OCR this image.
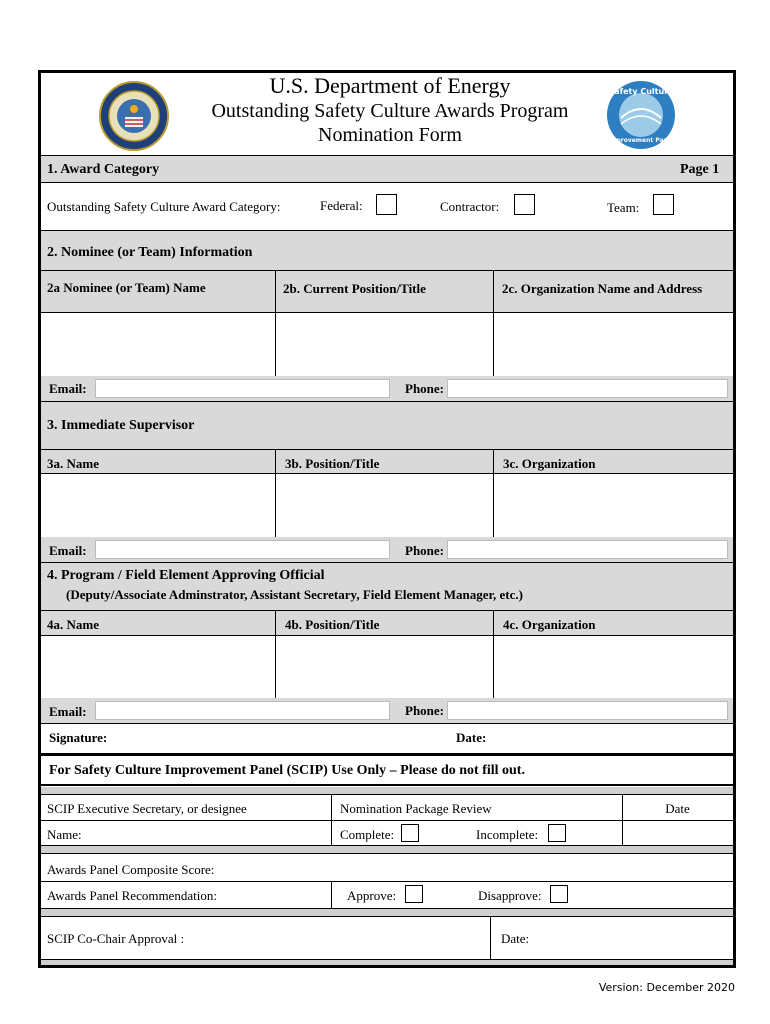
Safety Culture
Improvement Panel
U.S. Department of Energy
Outstanding Safety Culture Awards Program
Nomination Form
1. Award Category	Page 1
Outstanding Safety Culture Award Category:	Federal:	Contractor:	Team:
2. Nominee (or Team) Information
2a Nominee (or Team) Name	2b. Current Position/Title	2c. Organization Name and Address
Email:	Phone:
3. Immediate Supervisor
3a. Name	3b. Position/Title	3c. Organization
Email:	Phone:
4. Program / Field Element Approving Official
(Deputy/Associate Adminstrator, Assistant Secretary, Field Element Manager, etc.)
4a. Name	4b. Position/Title	4c. Organization
Email:	Phone:
Signature:	Date:
For Safety Culture Improvement Panel (SCIP) Use Only – Please do not fill out.
SCIP Executive Secretary, or designee	Nomination Package Review	Date
Name:	Complete:	Incomplete:
Awards Panel Composite Score:
Awards Panel Recommendation:	Approve:	Disapprove:
SCIP Co-Chair Approval :	Date:
Version: December 2020
